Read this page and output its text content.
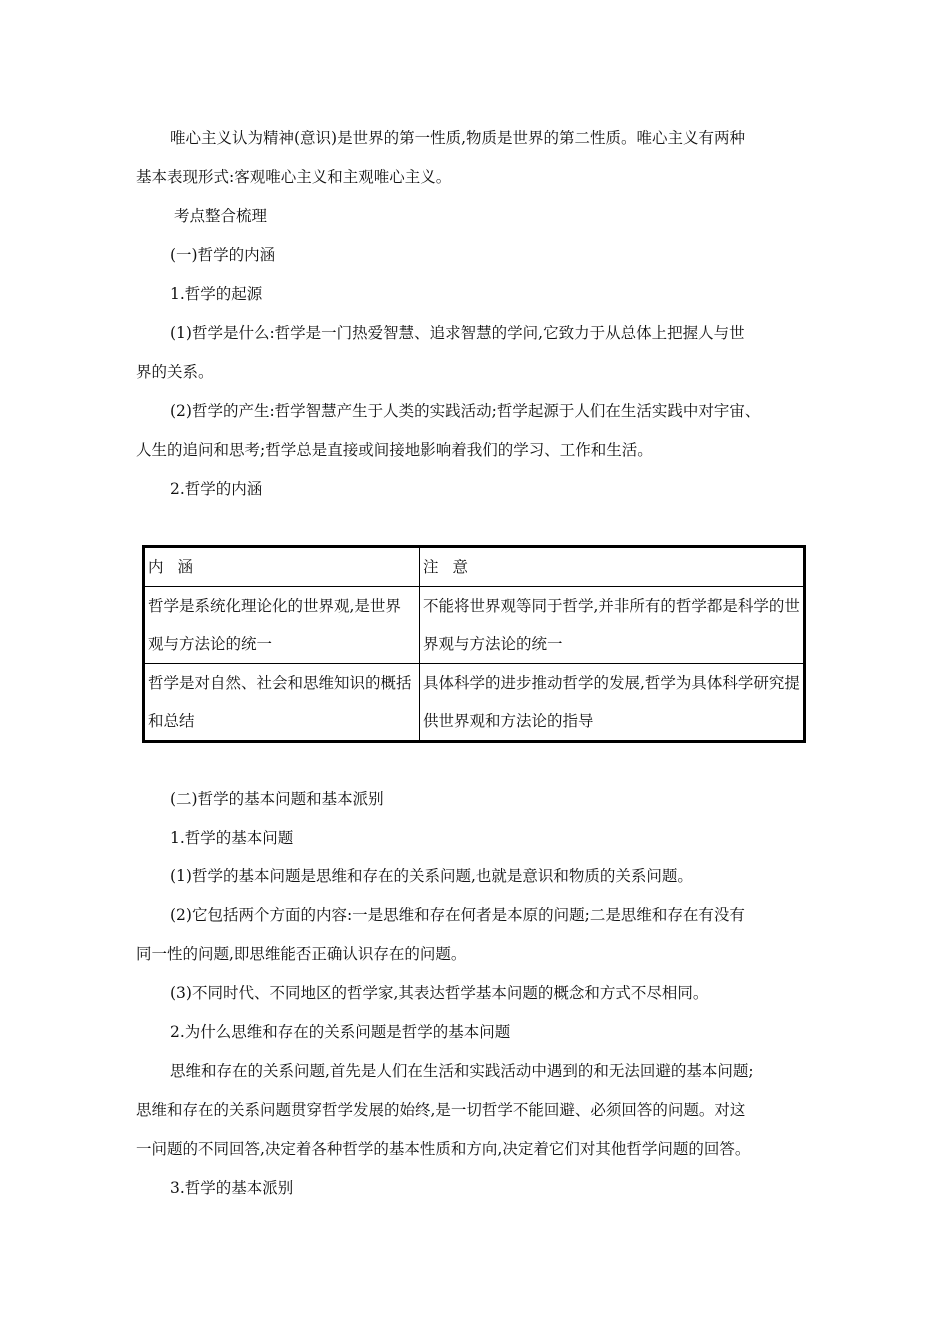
唯心主义认为精神(意识)是世界的第一性质,物质是世界的第二性质。唯心主义有两种
基本表现形式:客观唯心主义和主观唯心主义。
考点整合梳理
(一)哲学的内涵
1.哲学的起源
(1)哲学是什么:哲学是一门热爱智慧、追求智慧的学问,它致力于从总体上把握人与世
界的关系。
(2)哲学的产生:哲学智慧产生于人类的实践活动;哲学起源于人们在生活实践中对宇宙、
人生的追问和思考;哲学总是直接或间接地影响着我们的学习、工作和生活。
2.哲学的内涵
内涵	注意
哲学是系统化理论化的世界观,是世界观与方法论的统一	不能将世界观等同于哲学,并非所有的哲学都是科学的世界观与方法论的统一
哲学是对自然、社会和思维知识的概括和总结	具体科学的进步推动哲学的发展,哲学为具体科学研究提供世界观和方法论的指导
(二)哲学的基本问题和基本派别
1.哲学的基本问题
(1)哲学的基本问题是思维和存在的关系问题,也就是意识和物质的关系问题。
(2)它包括两个方面的内容:一是思维和存在何者是本原的问题;二是思维和存在有没有
同一性的问题,即思维能否正确认识存在的问题。
(3)不同时代、不同地区的哲学家,其表达哲学基本问题的概念和方式不尽相同。
2.为什么思维和存在的关系问题是哲学的基本问题
思维和存在的关系问题,首先是人们在生活和实践活动中遇到的和无法回避的基本问题;
思维和存在的关系问题贯穿哲学发展的始终,是一切哲学不能回避、必须回答的问题。对这
一问题的不同回答,决定着各种哲学的基本性质和方向,决定着它们对其他哲学问题的回答。
3.哲学的基本派别
